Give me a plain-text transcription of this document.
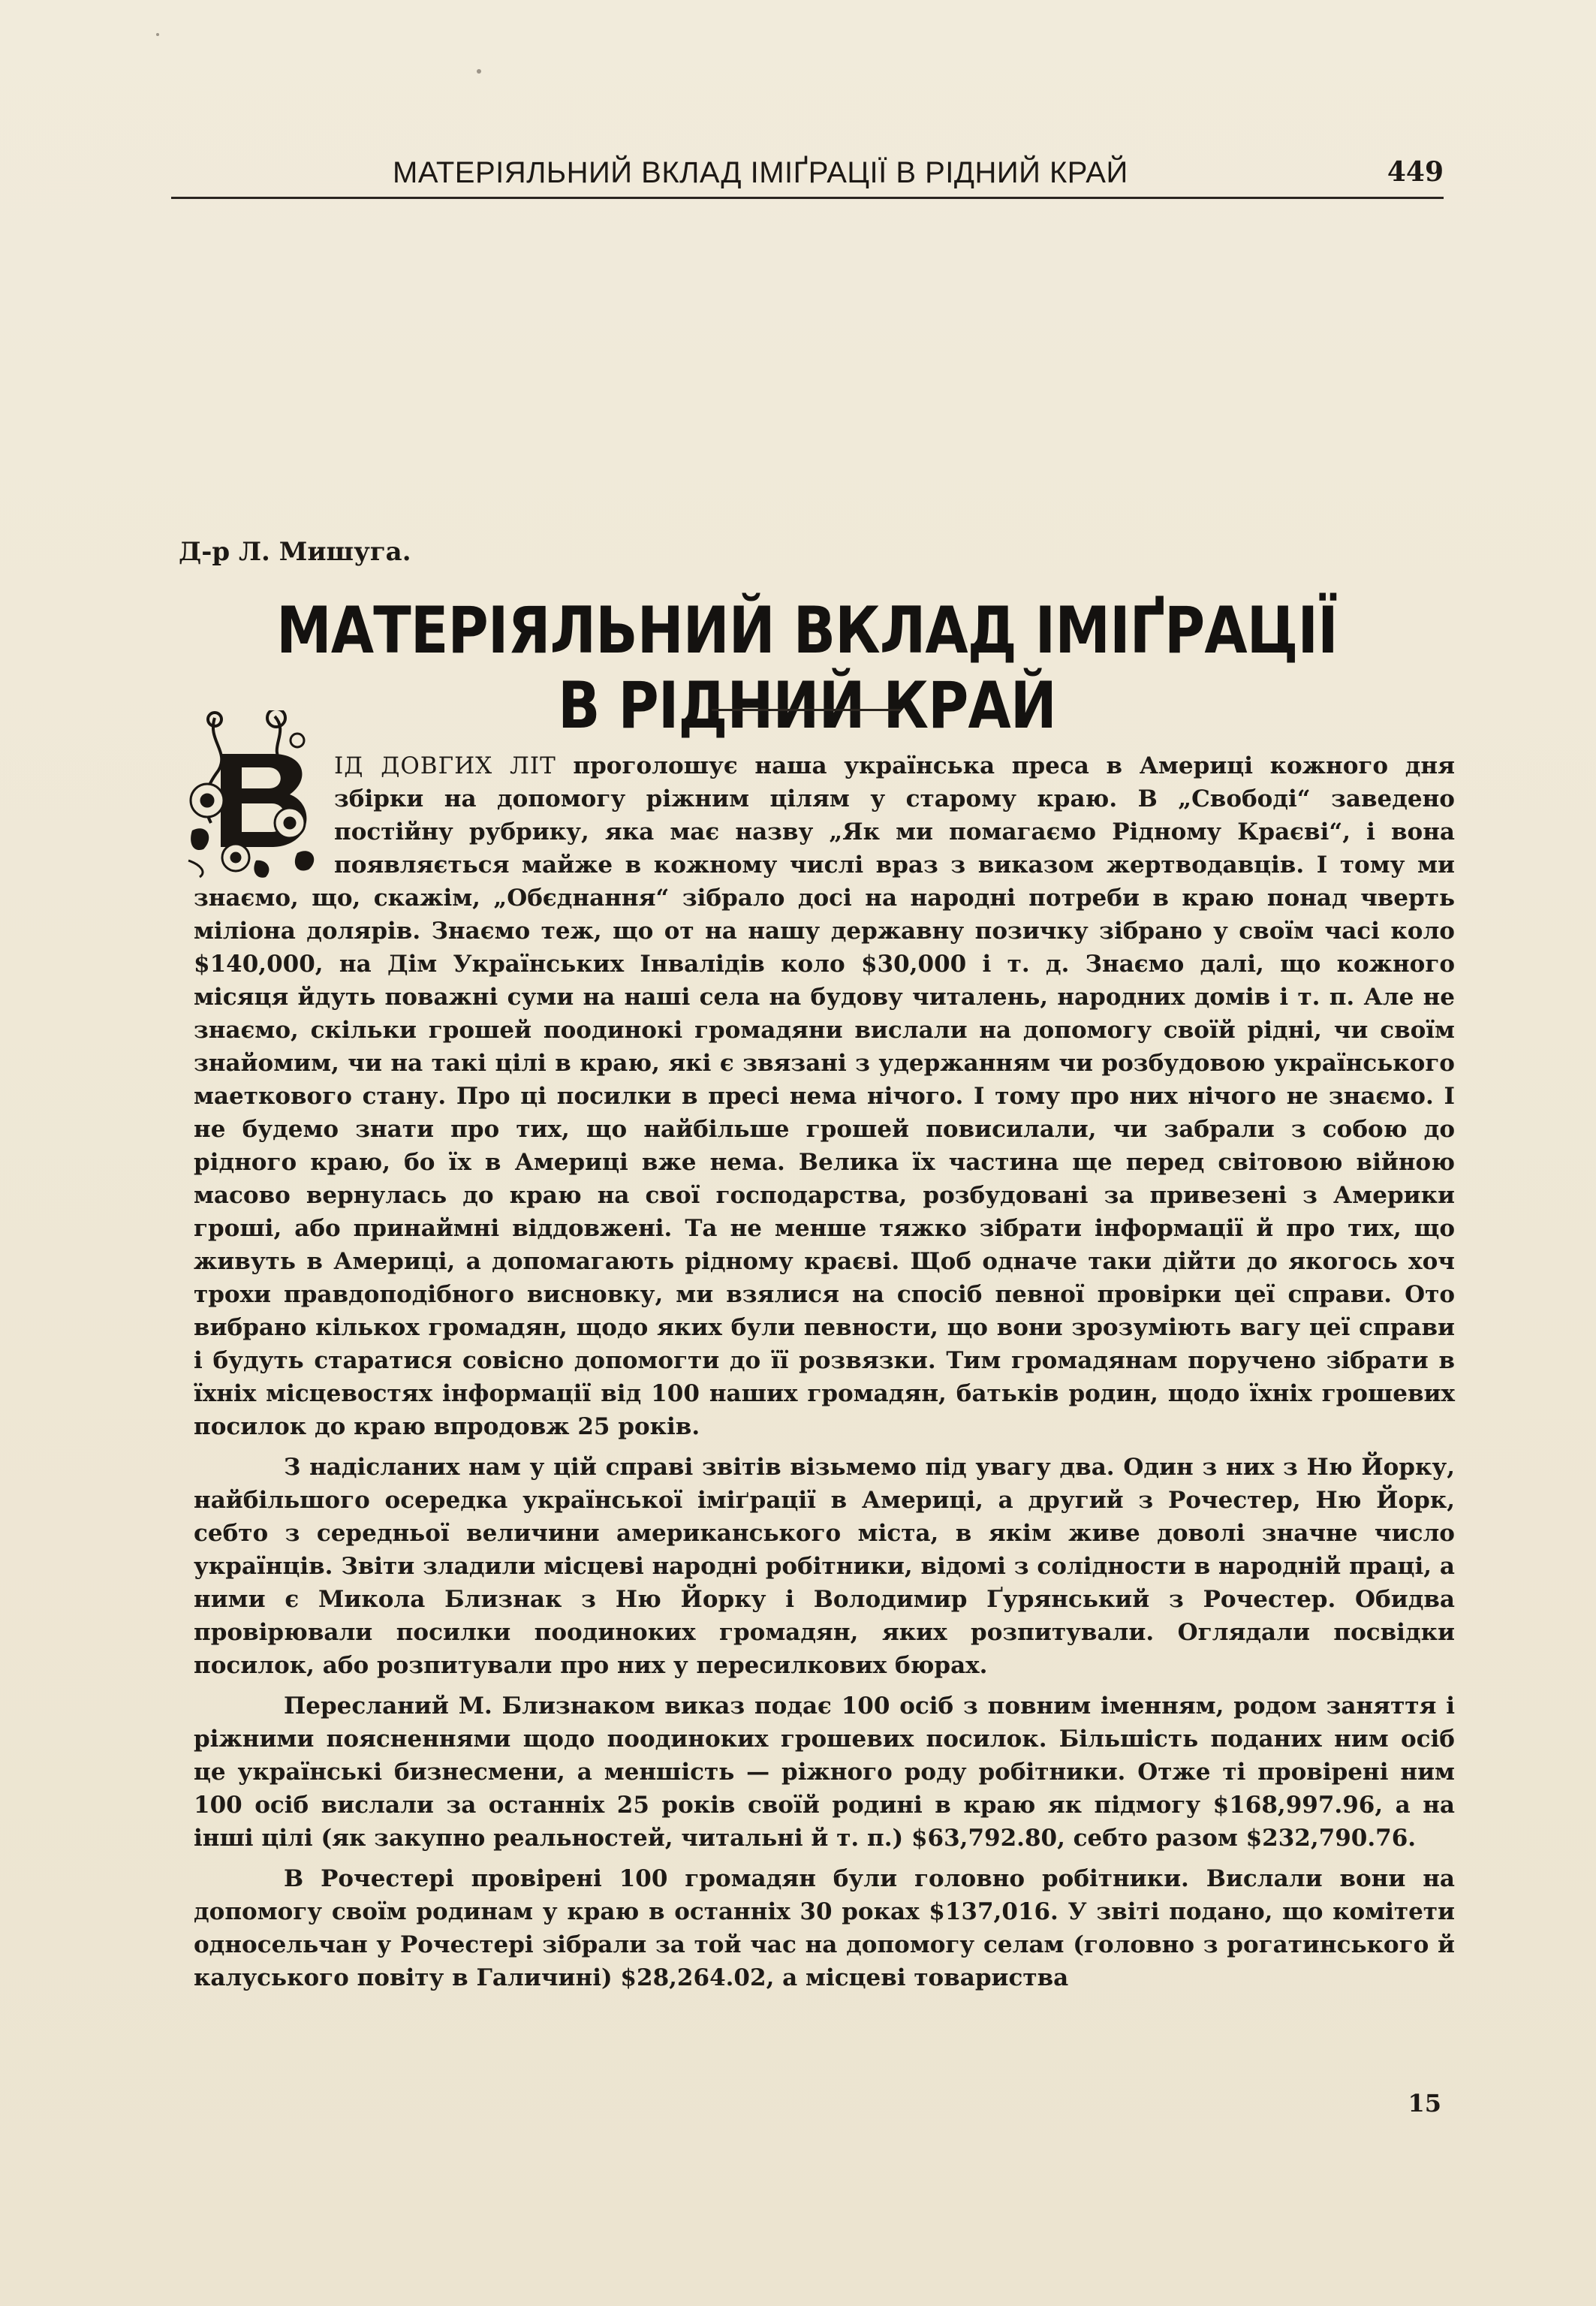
МАТЕРІЯЛЬНИЙ ВКЛАД ІМІҐРАЦІЇ В РІДНИЙ КРАЙ	449
Д-р Л. Мишуга.
МАТЕРІЯЛЬНИЙ ВКЛАД ІМІҐРАЦІЇ В РІДНИЙ КРАЙ

ІД ДОВГИХ ЛІТ проголошує наша українська преса в Америці кожного дня збірки на допомогу ріжним цілям у старому краю. В „Свободі“ заведено постійну рубрику, яка має назву „Як ми помагаємо Рідному Краєві“, і вона появляється майже в кожному числі враз з виказом жертводавців. І тому ми знаємо, що, скажім, „Обєднання“ зібрало досі на народні потреби в краю понад чверть міліона долярів. Знаємо теж, що от на нашу державну позичку зібрано у своїм часі коло $140,000, на Дім Українських Інвалідів коло $30,000 і т. д. Знаємо далі, що кожного місяця йдуть поважні суми на наші села на будову читалень, народних домів і т. п. Але не знаємо, скільки грошей поодинокі громадяни вислали на допомогу своїй рідні, чи своїм знайомим, чи на такі цілі в краю, які є звязані з удержанням чи розбудовою українського маеткового стану. Про ці посилки в пресі нема нічого. І тому про них нічого не знаємо. І не будемо знати про тих, що найбільше грошей повисилали, чи забрали з собою до рідного краю, бо їх в Америці вже нема. Велика їх частина ще перед світовою війною масово вернулась до краю на свої господарства, розбудовані за привезені з Америки гроші, або принаймні віддовжені. Та не менше тяжко зібрати інформації й про тих, що живуть в Америці, а допомагають рідному краєві. Щоб одначе таки дійти до якогось хоч трохи правдоподібного висновку, ми взялися на спосіб певної провірки цеї справи. Ото вибрано кількох громадян, щодо яких були певности, що вони зрозуміють вагу цеї справи і будуть старатися совісно допомогти до її розвязки. Тим громадянам поручено зібрати в їхніх місцевостях інформації від 100 наших громадян, батьків родин, щодо їхніх грошевих посилок до краю впродовж 25 років.

З надісланих нам у цій справі звітів візьмемо під увагу два. Один з них з Ню Йорку, найбільшого осередка української іміґрації в Америці, а другий з Рочестер, Ню Йорк, себто з середньої величини американського міста, в якім живе доволі значне число українців. Звіти зладили місцеві народні робітники, відомі з солідности в народній праці, а ними є Микола Близнак з Ню Йорку і Володимир Ґурянський з Рочестер. Обидва провірювали посилки поодиноких громадян, яких розпитували. Оглядали посвідки посилок, або розпитували про них у пересилкових бюрах.

Пересланий М. Близнаком виказ подає 100 осіб з повним іменням, родом заняття і ріжними поясненнями щодо поодиноких грошевих посилок. Більшість поданих ним осіб це українські бизнесмени, а меншість — ріжного роду робітники. Отже ті провірені ним 100 осіб вислали за останніх 25 років своїй родині в краю як підмогу $168,997.96, а на інші цілі (як закупно реальностей, читальні й т. п.) $63,792.80, себто разом $232,790.76.

В Рочестері провірені 100 громадян були головно робітники. Вислали вони на допомогу своїм родинам у краю в останніх 30 роках $137,016. У звіті подано, що комітети односельчан у Рочестері зібрали за той час на допомогу селам (головно з рогатинського й калуського повіту в Галичині) $28,264.02, а місцеві товариства

15
